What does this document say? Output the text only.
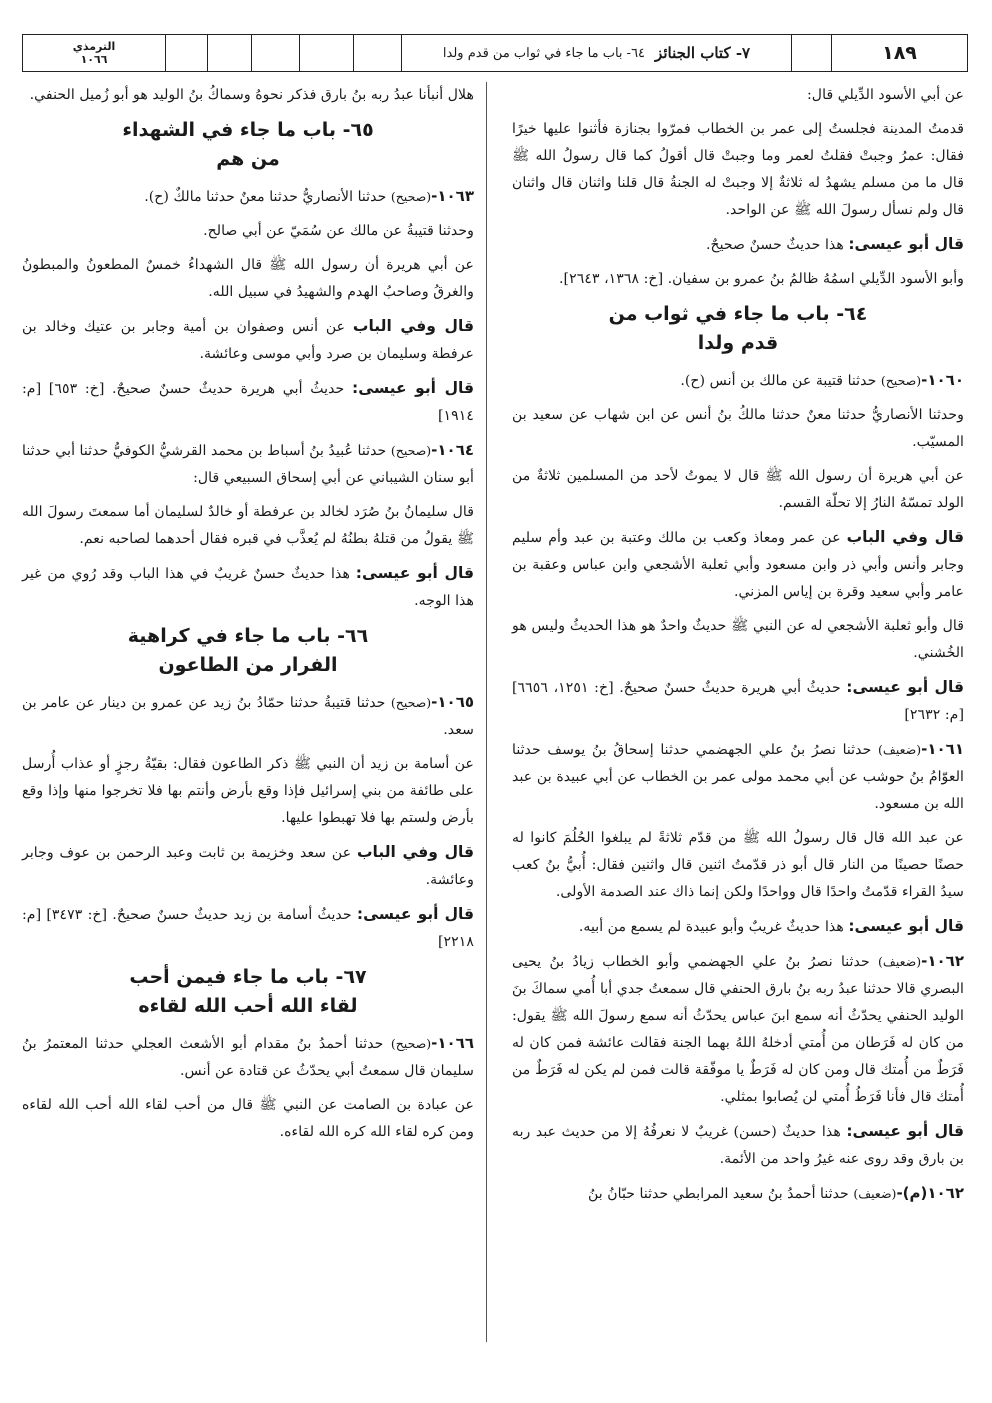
١٨٩
٧- كتاب الجنائز
٦٤- باب ما جاء في ثواب من قدم ولدا
الترمذي
١٠٦٦

عن أبي الأسود الدِّيلي قال:

قدمتُ المدينة فجلستُ إلى عمر بن الخطاب فمرّوا بجنازة فأثنوا عليها خيرًا فقال: عمرُ وجبتْ فقلتُ لعمر وما وجبتْ قال أقولُ كما قال رسولُ الله ﷺ قال ما من مسلم يشهدُ له ثلاثةٌ إلا وجبتْ له الجنةُ قال قلنا واثنان قال واثنان قال ولم نسأل رسولَ الله ﷺ عن الواحد.

قال أبو عيسى: هذا حديثٌ حسنٌ صحيحٌ.

وأبو الأسود الدِّيلي اسمُهُ ظالمُ بنُ عمرو بن سفيان. [خ: ١٣٦٨، ٢٦٤٣].

٦٤- باب ما جاء في ثواب من
قدم ولدا

١٠٦٠-(صحيح) حدثنا قتيبة عن مالك بن أنس (ح).

وحدثنا الأنصاريُّ حدثنا معنٌ حدثنا مالكُ بنُ أنس عن ابن شهاب عن سعيد بن المسيّب.

عن أبي هريرة أن رسول الله ﷺ قال لا يموتُ لأحد من المسلمين ثلاثةٌ من الولد تمسّهُ النارُ إلا تحلّة القسم.

قال وفي الباب عن عمر ومعاذ وكعب بن مالك وعتبة بن عبد وأم سليم وجابر وأنس وأبي ذر وابن مسعود وأبي ثعلبة الأشجعي وابن عباس وعقبة بن عامر وأبي سعيد وقرة بن إياس المزني.

قال وأبو ثعلبة الأشجعي له عن النبي ﷺ حديثٌ واحدٌ هو هذا الحديثُ وليس هو الخُشني.

قال أبو عيسى: حديثُ أبي هريرة حديثٌ حسنٌ صحيحٌ. [خ: ١٢٥١، ٦٦٥٦] [م: ٢٦٣٢]

١٠٦١-(ضعيف) حدثنا نصرُ بنُ علي الجهضمي حدثنا إسحاقُ بنُ يوسف حدثنا العوّامُ بنُ حوشب عن أبي محمد مولى عمر بن الخطاب عن أبي عبيدة بن عبد الله بن مسعود.

عن عبد الله قال قال رسولُ الله ﷺ من قدّم ثلاثةً لم يبلغوا الحُلُمَ كانوا له حصنًا حصينًا من النار قال أبو ذر قدّمتُ اثنين قال واثنين فقال: أُبيُّ بنُ كعب سيدُ القراء قدّمتُ واحدًا قال وواحدًا ولكن إنما ذاك عند الصدمة الأولى.

قال أبو عيسى: هذا حديثٌ غريبٌ وأبو عبيدة لم يسمع من أبيه.

١٠٦٢-(ضعيف) حدثنا نصرُ بنُ علي الجهضمي وأبو الخطاب زيادُ بنُ يحيى البصري قالا حدثنا عبدُ ربه بنُ بارق الحنفي قال سمعتُ جدي أبا أُمي سماكَ بنَ الوليد الحنفي يحدّثُ أنه سمع ابنَ عباس يحدّثُ أنه سمع رسولَ الله ﷺ يقول: من كان له فَرَطان من أُمتي أدخلهُ اللهُ بهما الجنة فقالت عائشة فمن كان له فَرَطٌ من أُمتك قال ومن كان له فَرَطٌ يا موفّقة قالت فمن لم يكن له فَرَطٌ من أُمتك قال فأنا فَرَطُ أُمتي لن يُصابوا بمثلي.

قال أبو عيسى: هذا حديثٌ (حسن) غريبٌ لا نعرفُهُ إلا من حديث عبد ربه بن بارق وقد روى عنه غيرُ واحد من الأئمة.

١٠٦٢(م)-(ضعيف) حدثنا أحمدُ بنُ سعيد المرابطي حدثنا حبّانُ بنُ

هلال أنبأنا عبدُ ربه بنُ بارق فذكر نحوهُ وسماكُ بنُ الوليد هو أبو زُميل الحنفي.

٦٥- باب ما جاء في الشهداء
من هم

١٠٦٣-(صحيح) حدثنا الأنصاريُّ حدثنا معنٌ حدثنا مالكٌ (ح).

وحدثنا قتيبةُ عن مالك عن سُمَيّ عن أبي صالح.

عن أبي هريرة أن رسول الله ﷺ قال الشهداءُ خمسٌ المطعونُ والمبطونُ والغرقُ وصاحبُ الهدم والشهيدُ في سبيل الله.

قال وفي الباب عن أنس وصفوان بن أمية وجابر بن عتيك وخالد بن عرفطة وسليمان بن صرد وأبي موسى وعائشة.

قال أبو عيسى: حديثُ أبي هريرة حديثٌ حسنٌ صحيحٌ. [خ: ٦٥٣] [م: ١٩١٤]

١٠٦٤-(صحيح) حدثنا عُبيدُ بنُ أسباط بن محمد القرشيُّ الكوفيُّ حدثنا أبي حدثنا أبو سنان الشيباني عن أبي إسحاق السبيعي قال:

قال سليمانُ بنُ صُرَد لخالد بن عرفطة أو خالدٌ لسليمان أما سمعتَ رسولَ الله ﷺ يقولُ من قتلهُ بطنُهُ لم يُعذَّب في قبره فقال أحدهما لصاحبه نعم.

قال أبو عيسى: هذا حديثٌ حسنٌ غريبٌ في هذا الباب وقد رُوي من غير هذا الوجه.

٦٦- باب ما جاء في كراهية
الفرار من الطاعون

١٠٦٥-(صحيح) حدثنا قتيبةُ حدثنا حمّادُ بنُ زيد عن عمرو بن دينار عن عامر بن سعد.

عن أسامة بن زيد أن النبي ﷺ ذكر الطاعون فقال: بقيّةُ رجزٍ أو عذاب أُرسل على طائفة من بني إسرائيل فإذا وقع بأرض وأنتم بها فلا تخرجوا منها وإذا وقع بأرض ولستم بها فلا تهبطوا عليها.

قال وفي الباب عن سعد وخزيمة بن ثابت وعبد الرحمن بن عوف وجابر وعائشة.

قال أبو عيسى: حديثُ أسامة بن زيد حديثٌ حسنٌ صحيحٌ. [خ: ٣٤٧٣] [م: ٢٢١٨]

٦٧- باب ما جاء فيمن أحب
لقاء الله أحب الله لقاءه

١٠٦٦-(صحيح) حدثنا أحمدُ بنُ مقدام أبو الأشعث العجلي حدثنا المعتمرُ بنُ سليمان قال سمعتُ أبي يحدّثُ عن قتادة عن أنس.

عن عبادة بن الصامت عن النبي ﷺ قال من أحب لقاء الله أحب الله لقاءه ومن كره لقاء الله كره الله لقاءه.
